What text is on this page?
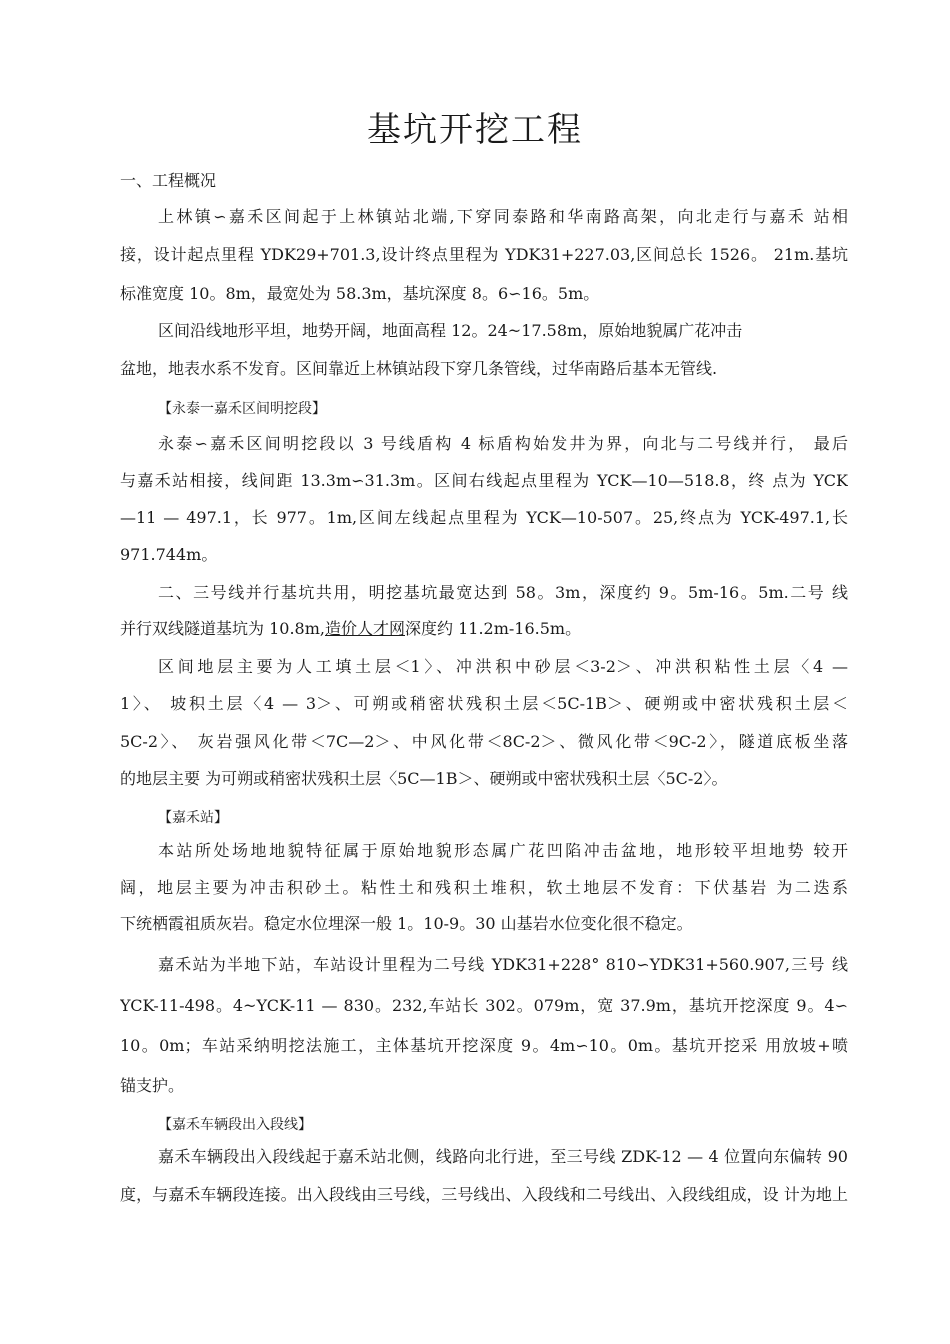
基坑开挖工程
一、工程概况
上林镇∽嘉禾区间起于上林镇站北端,下穿同泰路和华南路高架，向北走行与嘉禾 站相
接，设计起点里程 YDK29+701.3,设计终点里程为 YDK31+227.03,区间总长 1526。 21m.基坑
标准宽度 10。8m，最宽处为 58.3m，基坑深度 8。6∽16。5m。
区间沿线地形平坦，地势开阔，地面高程 12。24~17.58m，原始地貌属广花冲击
盆地，地表水系不发育。区间靠近上林镇站段下穿几条管线，过华南路后基本无管线.
【永泰一嘉禾区间明挖段】
永泰∽嘉禾区间明挖段以 3 号线盾构 4 标盾构始发井为界，向北与二号线并行， 最后
与嘉禾站相接，线间距 13.3m∽31.3m。区间右线起点里程为 YCK—10—518.8，终 点为 YCK
—11 — 497.1，长 977。1m,区间左线起点里程为 YCK—10-507。25,终点为 YCK-497.1,长
971.744m。
二、三号线并行基坑共用，明挖基坑最宽达到 58。3m，深度约 9。5m-16。5m.二号 线
并行双线隧道基坑为 10.8m,造价人才网深度约 11.2m-16.5m。
区间地层主要为人工填土层＜1〉、冲洪积中砂层＜3-2＞、冲洪积粘性土层〈4 —
1〉、 坡积土层〈4 — 3＞、可朔或稍密状残积土层＜5C-1B＞、硬朔或中密状残积土层＜
5C-2〉、 灰岩强风化带＜7C—2＞、中风化带＜8C-2＞、微风化带＜9C-2〉，隧道底板坐落
的地层主要 为可朔或稍密状残积土层〈5C—1B＞、硬朔或中密状残积土层〈5C-2〉。
【嘉禾站】
本站所处场地地貌特征属于原始地貌形态属广花凹陷冲击盆地，地形较平坦地势 较开
阔，地层主要为冲击积砂土。粘性土和残积土堆积，软土地层不发育：下伏基岩 为二迭系
下统栖霞祖质灰岩。稳定水位埋深一般 1。10-9。30 山基岩水位变化很不稳定。
嘉禾站为半地下站，车站设计里程为二号线 YDK31+228° 810∽YDK31+560.907,三号 线
YCK-11-498。4~YCK-11 — 830。232,车站长 302。079m，宽 37.9m，基坑开挖深度 9。4∽
10。0m；车站采纳明挖法施工，主体基坑开挖深度 9。4m∽10。0m。基坑开挖采 用放坡+喷
锚支护。
【嘉禾车辆段出入段线】
嘉禾车辆段出入段线起于嘉禾站北侧，线路向北行进，至三号线 ZDK-12 — 4 位置向东偏转 90
度，与嘉禾车辆段连接。出入段线由三号线，三号线出、入段线和二号线出、入段线组成，设 计为地上
